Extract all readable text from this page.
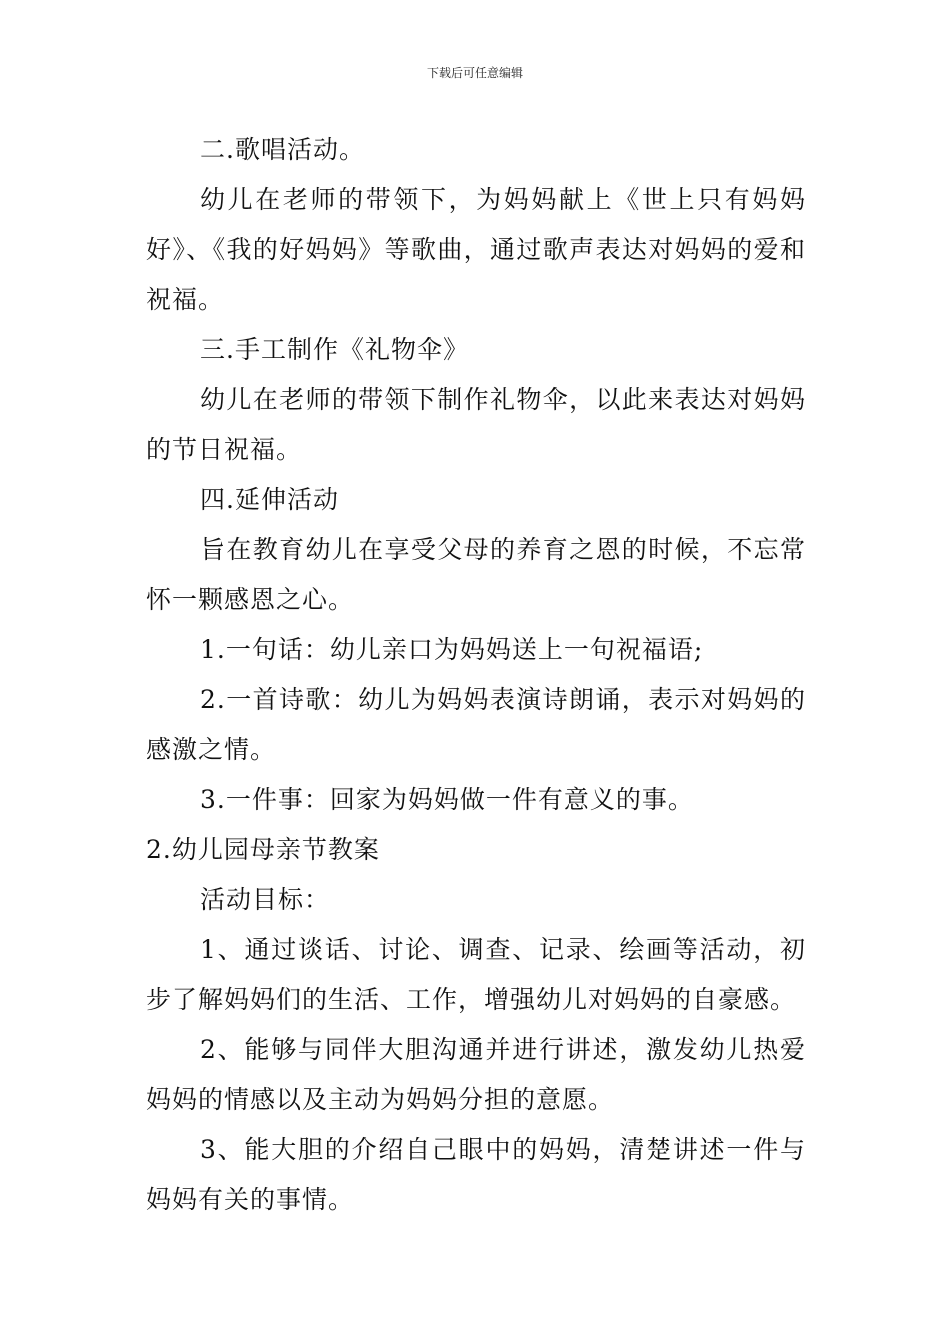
下载后可任意编辑

二.歌唱活动。

幼儿在老师的带领下，为妈妈献上《世上只有妈妈好》、《我的好妈妈》等歌曲，通过歌声表达对妈妈的爱和祝福。

三.手工制作《礼物伞》

幼儿在老师的带领下制作礼物伞，以此来表达对妈妈的节日祝福。

四.延伸活动

旨在教育幼儿在享受父母的养育之恩的时候，不忘常怀一颗感恩之心。

1.一句话：幼儿亲口为妈妈送上一句祝福语;

2.一首诗歌：幼儿为妈妈表演诗朗诵，表示对妈妈的感激之情。

3.一件事：回家为妈妈做一件有意义的事。

2.幼儿园母亲节教案

活动目标：

1、通过谈话、讨论、调查、记录、绘画等活动，初步了解妈妈们的生活、工作，增强幼儿对妈妈的自豪感。

2、能够与同伴大胆沟通并进行讲述，激发幼儿热爱妈妈的情感以及主动为妈妈分担的意愿。

3、能大胆的介绍自己眼中的妈妈，清楚讲述一件与妈妈有关的事情。
